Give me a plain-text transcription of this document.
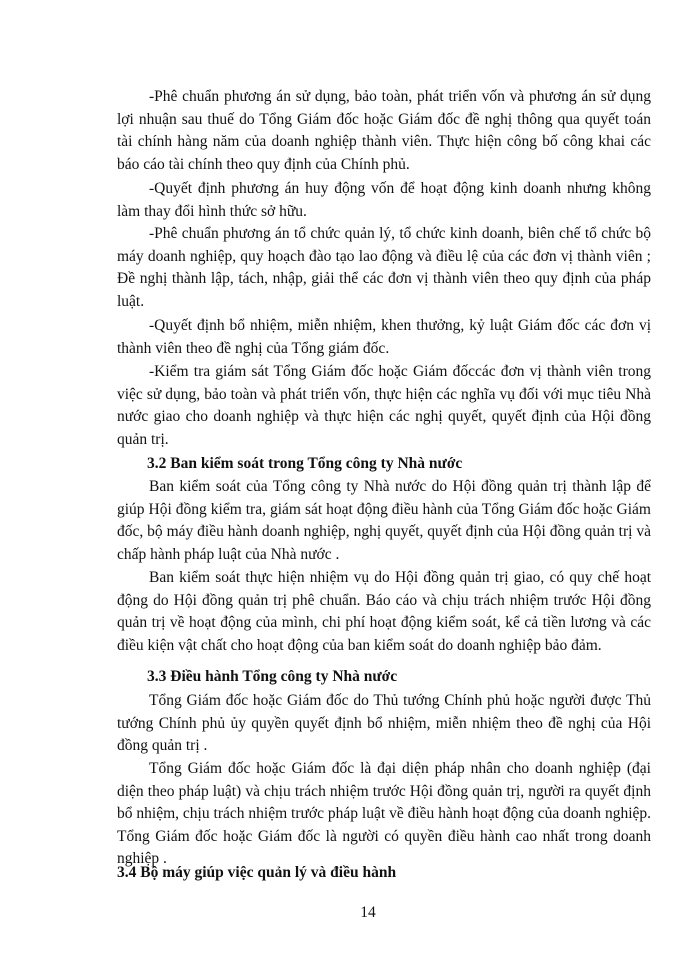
‐Phê chuẩn phương án sử dụng, bảo toàn, phát triển vốn và phương án sử dụng lợi nhuận sau thuế do Tổng Giám đốc hoặc Giám đốc đề nghị thông qua quyết toán tài chính hàng năm của doanh nghiệp thành viên. Thực hiện công bố công khai các báo cáo tài chính theo quy định của Chính phủ.

‐Quyết định phương án huy động vốn để hoạt động kinh doanh nhưng không làm thay đổi hình thức sở hữu.

‐Phê chuẩn phương án tổ chức quản lý, tổ chức kinh doanh, biên chế tổ chức bộ máy doanh nghiệp, quy hoạch đào tạo lao động và điều lệ của các đơn vị thành viên ; Đề nghị thành lập, tách, nhập, giải thể các đơn vị thành viên theo quy định của pháp luật.

‐Quyết định bổ nhiệm, miễn nhiệm, khen thưởng, kỷ luật Giám đốc các đơn vị thành viên theo đề nghị của Tổng giám đốc.

‐Kiểm tra giám sát Tổng Giám đốc hoặc Giám đốccác đơn vị thành viên trong việc sử dụng, bảo toàn và phát triển vốn, thực hiện các nghĩa vụ đối với mục tiêu Nhà nước giao cho doanh nghiệp và thực hiện các nghị quyết, quyết định của Hội đồng quản trị.

3.2 Ban kiểm soát trong Tổng công ty Nhà nước

Ban kiểm soát của Tổng công ty Nhà nước do Hội đồng quản trị thành lập để giúp Hội đồng kiểm tra, giám sát hoạt động điều hành của Tổng Giám đốc hoặc Giám đốc, bộ máy điều hành doanh nghiệp, nghị quyết, quyết định của Hội đồng quản trị và chấp hành pháp luật của Nhà nước .

Ban kiểm soát thực hiện nhiệm vụ do Hội đồng quản trị giao, có quy chế hoạt động do Hội đồng quản trị phê chuẩn. Báo cáo và chịu trách nhiệm trước Hội đồng quản trị về hoạt động của mình, chi phí hoạt động kiểm soát, kể cả tiền lương và các điều kiện vật chất cho hoạt động của ban kiểm soát do doanh nghiệp bảo đảm.

3.3 Điều hành Tổng công ty Nhà nước

Tổng Giám đốc hoặc Giám đốc do Thủ tướng Chính phủ hoặc người được Thủ tướng Chính phủ ủy quyền quyết định bổ nhiệm, miễn nhiệm theo đề nghị của Hội đồng quản trị .

Tổng Giám đốc hoặc Giám đốc là đại diện pháp nhân cho doanh nghiệp (đại diện theo pháp luật) và chịu trách nhiệm trước Hội đồng quản trị, người ra quyết định bổ nhiệm, chịu trách nhiệm trước pháp luật về điều hành hoạt động của doanh nghiệp. Tổng Giám đốc hoặc Giám đốc là người có quyền điều hành cao nhất trong doanh nghiệp .

3.4 Bộ máy giúp việc quản lý và điều hành
14
